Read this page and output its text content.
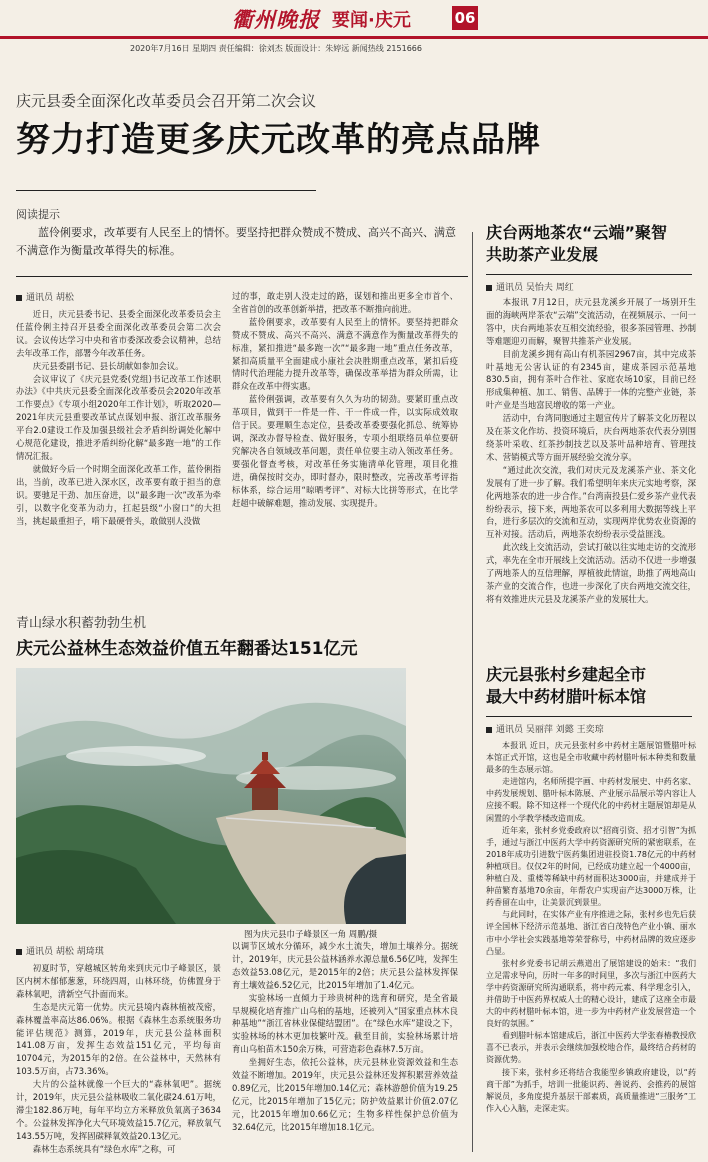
衢州晚报 要闻·庆元	06
2020年7月16日 星期四 责任编辑：徐刘杰 版面设计：朱婷远 新闻热线 2151666
庆元县委全面深化改革委员会召开第二次会议
努力打造更多庆元改革的亮点品牌
阅读提示
蓝伶俐要求，改革要有人民至上的情怀。要坚持把群众赞成不赞成、高兴不高兴、满意不满意作为衡量改革得失的标准。
通讯员 胡松

近日，庆元县委书记、县委全面深化改革委员会主任蓝伶俐主持召开县委全面深化改革委员会第二次会议。会议传达学习中央和省市委深改委会议精神，总结去年改革工作，部署今年改革任务。

庆元县委副书记、县长胡献如参加会议。

会议审议了《庆元县党委(党组)书记改革工作述职办法》《中共庆元县委全面深化改革委员会2020年改革工作要点》《专项小组2020年工作计划》，听取2020—2021年庆元县重要改革试点谋划申报、浙江改革服务平台2.0建设工作及加强县级社会矛盾纠纷调处化解中心规范化建设，推进矛盾纠纷化解“最多跑一地”的工作情况汇报。

就做好今后一个时期全面深化改革工作，蓝伶俐指出，当前，改革已进入深水区，改革要有敢于担当的意识。要驰足干劲、加压奋进，以“最多跑一次”改革为牵引，以数字化变革为动力，扛起县级“小窗口”的大担当，挑起最重担子，啃下最硬骨头，敢做别人没做

过的事，敢走别人没走过的路，谋划和推出更多全市首个、全省首创的改革创新举措，把改革不断推向前进。

蓝伶俐要求，改革要有人民至上的情怀。要坚持把群众赞成不赞成、高兴不高兴、满意不满意作为衡量改革得失的标准，紧扣推进“最多跑一次”“最多跑一地”重点任务改革，紧扣高质量平全面建成小康社会决胜期重点改革，紧扣后疫情时代治理能力提升改革等，确保改革举措为群众所需，让群众在改革中得实惠。

蓝伶俐强调，改革要有久久为功的韧劲。要紧盯重点改革项目，做到干一件是一件、干一件成一件，以实际成效取信于民。要理顺生态定位，县委改革委要强化抓总、统筹协调，深改办督导检查、做好服务，专项小组联络员单位要研究解决各自领域改革问题，责任单位要主动入领改革任务。要强化督查考核，对改革任务实施清单化管理，项目化推进，确保按时交办，即时督办，限时整改，完善改革考评指标体系，综合运用“晾晒考评”、对标大比拼等形式，在比学赶超中破解难题，推动发展、实现提升。

青山绿水积蓄勃勃生机
庆元公益林生态效益价值五年翻番达151亿元
图为庆元县巾子峰景区一角 周鹏/摄
通讯员 胡松 胡琦琪

初夏时节，穿越城区转角来到庆元巾子峰景区，景区内树木郁郁葱葱，环绕四周，山林环绕，仿佛置身于森林氧吧，清新空气扑面而来。

生态是庆元第一优势。庆元县境内森林植被茂密，森林覆盖率高达86.06%。根据《森林生态系统服务功能评估规范》测算，2019年，庆元县公益林面积141.08万亩，发挥生态效益151亿元，平均每亩10704元，为2015年的2倍。在公益林中，天然林有103.5万亩，占73.36%。

大片的公益林就像一个巨大的“森林氧吧”。据统计，2019年，庆元县公益林吸收二氧化碳24.61万吨，滞尘182.86万吨，每年平均立方米释放负氧离子3634个。公益林发挥净化大气环境效益15.7亿元，释放氧气143.55万吨，发挥固碳释氧效益20.13亿元。

森林生态系统具有“绿色水库”之称，可

以调节区域水分循环，减少水土流失，增加土壤养分。据统计，2019年，庆元县公益林涵养水源总量6.56亿吨，发挥生态效益53.08亿元，是2015年的2倍；庆元县公益林发挥保育土壤效益6.52亿元，比2015年增加了1.4亿元。

实验林场一直倾力于珍贵树种的选育和研究，是全省最早规模化培育推广山乌桕的基地，还被列入“国家重点林木良种基地”“浙江省林业保健结盟团”。在“绿色水库”建设之下，实验林场的林木更加枝繁叶茂。截至目前，实验林场累计培育山乌桕苗木150余万株，可营造彩色森林7.5万亩。

坐拥好生态，依托公益林，庆元县林业资源效益和生态效益不断增加。2019年，庆元县公益林还发挥积累营养效益0.89亿元，比2015年增加0.14亿元；森林游憩价值为19.25亿元，比2015年增加了15亿元；防护效益累计价值2.07亿元，比2015年增加0.66亿元；生物多样性保护总价值为32.64亿元，比2015年增加18.1亿元。

庆台两地茶农“云端”聚智
共助茶产业发展
通讯员 吴怡夫 周红

本报讯 7月12日，庆元县龙溪乡开展了一场别开生面的海峡两岸茶农“云端”交流活动，在视频展示、一问一答中，庆台两地茶农互相交流经验，很多茶园管理、抄制等难题迎刃而解，聚智共推茶产业发展。

目前龙溪乡拥有高山有机茶园2967亩，其中完成茶叶基地无公害认证的有2345亩，建成茶园示范基地830.5亩，拥有茶叶合作社、家庭农场10家，目前已经形成集种植、加工、销售、品牌于一体的完整产业链，茶叶产业是当地富民增收的第一产业。

活动中，台湾同胞通过主题宣传片了解茶文化历程以及在茶文化作坊、投资环境后，庆台两地茶农代表分别围绕茶叶采收、红茶抄制技艺以及茶叶品种培育、管理技术、营销模式等方面开展经验交流分享。

“通过此次交流，我们对庆元及龙溪茶产业、茶文化发展有了进一步了解。我们希望明年来庆元实地考察，深化两地茶农的进一步合作。”台湾南投县仁爱乡茶产业代表纷纷表示，接下来，两地茶农可以多利用大数据等线上平台，进行多层次的交流和互动，实现两岸优势农业资源的互补对接。活动后，两地茶农纷纷表示受益匪浅。

此次线上交流活动，尝试打破以往实地走访的交流形式，率先在全市开展线上交流活动。活动不仅进一步增强了两地茶人的互信理解，厚植彼此情谊，助推了两地高山茶产业的交流合作，也进一步深化了庆台两地交流交往，将有效推进庆元县及龙溪茶产业的发展壮大。

庆元县张村乡建起全市
最大中药材腊叶标本馆
通讯员 吴丽萍 刘懿 王奕琼

本报讯 近日，庆元县张村乡中药材主题展馆暨腊叶标本馆正式开馆，这也是全市收藏中药材腊叶标本种类和数量最多的生态展示馆。

走进馆内，名师所提字画、中药材发展史、中药名家、中药发展规划、腊叶标本陈展、产业展示品展示等内容让人应接不暇。除不知这样一个现代化的中药材主题展馆却是从闲置的小学教学楼改造而成。

近年来，张村乡党委政府以“招商引资、招才引智”为抓手，通过与浙江中医药大学中药资源研究所的紧密联系，在2018年成功引进数宁医药集团进驻投资1.78亿元的中药材种植项目。仅仅2年的时间，已经成功建立起一个4000亩，种植白及、重楼等稀缺中药材面积达3000亩，并建成并于种苗繁育基地70余亩，年帮农户实现亩产达3000万株，让药香留在山中，让美景沉到景里。

与此同时，在实体产业有序推进之际，张村乡也先后获评全国林下经济示范基地、浙江省白茂特色产业小镇、丽水市中小学社会实践基地等荣誉称号，中药材品牌的效应逐步凸显。

张村乡党委书记胡云燕道出了展馆建设的始末：“我们立足需求导向，历时一年多的时间里，多次与浙江中医药大学中药资源研究所沟通联系，将中药元素、科学理念引入，并借助于中医药界权威人士的精心设计，建成了这座全市最大的中药材腊叶标本馆，进一步为中药材产业发展营造一个良好的氛围。”

看到腊叶标本馆建成后，浙江中医药大学张春椿教授欣喜不已表示，并表示会继续加强校地合作，最终结合药材的资源优势。

接下来，张村乡还将结合我能型乡镇政府建设，以“药商干部”为抓手，培训一批能识药、善说药、会推药的展馆解说员，多角度提升基层干部素质，高质量推进“三服务”工作入心入脑，走深走实。
